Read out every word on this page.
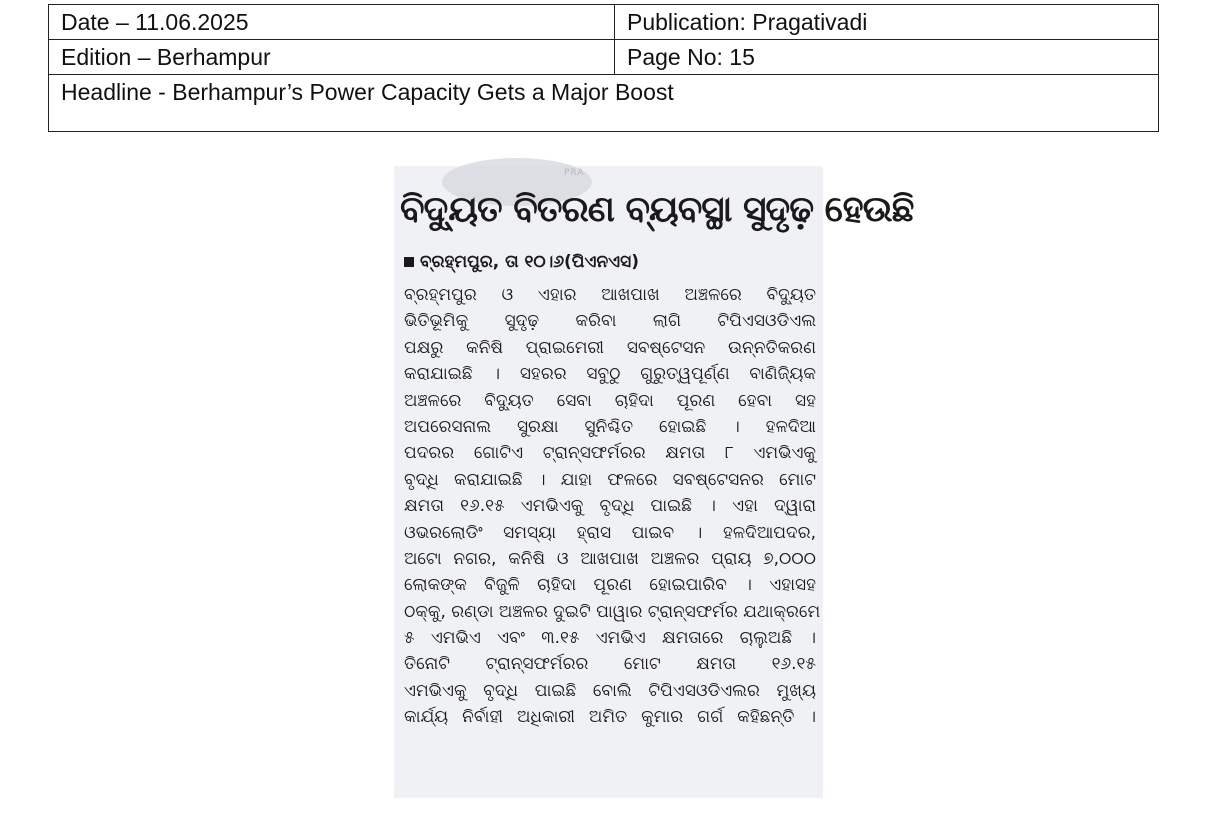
Date – 11.06.2025	Publication: Pragativadi
Edition – Berhampur	Page No: 15
Headline - Berhampur’s Power Capacity Gets a Major Boost	
PRA
ବିଦ୍ୟୁତ ବିତରଣ ବ୍ୟବସ୍ଥା ସୁଦୃଢ଼ ହେଉଛି
ବ୍ରହ୍ମପୁର, ତା ୧୦।୬(ପିଏନଏସ)
ବ୍ରହ୍ମପୁର ଓ ଏହାର ଆଖପାଖ ଅଞ୍ଚଳରେ ବିଦ୍ୟୁତ
ଭିତିଭୂମିକୁ ସୁଦୃଢ଼ କରିବା ଲାଗି ଟିପିଏସଓଡିଏଲ
ପକ୍ଷରୁ କନିଷି ପ୍ରାଇମେରୀ ସବଷ୍ଟେସନ ଉନ୍ନତିକରଣ
କରାଯାଇଛି । ସହରର ସବୁଠୁ ଗୁରୁତ୍ୱପୂର୍ଣ୍ଣ ବାଣିଜ୍ୟିକ
ଅଞ୍ଚଳରେ ବିଦ୍ୟୁତ ସେବା ଚାହିଦା ପୂରଣ ହେବା ସହ
ଅପରେସନାଲ ସୁରକ୍ଷା ସୁନିଶ୍ଚିତ ହୋଇଛି । ହଳଦିଆ
ପଦରର ଗୋଟିଏ ଟ୍ରାନ୍ସଫର୍ମରର କ୍ଷମତା ୮ ଏମଭିଏକୁ
ବୃଦ୍ଧି କରାଯାଇଛି । ଯାହା ଫଳରେ ସବଷ୍ଟେସନର ମୋଟ
କ୍ଷମତା ୧୬.୧୫ ଏମଭିଏକୁ ବୃଦ୍ଧି ପାଇଛି । ଏହା ଦ୍ୱାରା
ଓଭରଲୋଡିଂ ସମସ୍ୟା ହ୍ରାସ ପାଇବ । ହଳଦିଆପଦର,
ଅଟୋ ନଗର, କନିଷି ଓ ଆଖପାଖ ଅଞ୍ଚଳର ପ୍ରାୟ ୭,୦୦୦
ଲୋକଙ୍କ ବିଜୁଳି ଚାହିଦା ପୂରଣ ହୋଇପାରିବ । ଏହାସହ
ଠକ୍କୁ, ରଣ୍ଡା ଅଞ୍ଚଳର ଦୁଇଟି ପାୱାର ଟ୍ରାନ୍ସଫର୍ମର ଯଥାକ୍ରମେ
୫ ଏମଭିଏ ଏବଂ ୩.୧୫ ଏମଭିଏ କ୍ଷମତାରେ ଚାଲୁଅଛି ।
ତିନୋଟି ଟ୍ରାନ୍ସଫର୍ମରର ମୋଟ କ୍ଷମତା ୧୬.୧୫
ଏମଭିଏକୁ ବୃଦ୍ଧି ପାଇଛି ବୋଲି ଟିପିଏସଓଡିଏଲର ମୁଖ୍ୟ
କାର୍ଯ୍ୟ ନିର୍ବାହୀ ଅଧିକାରୀ ଅମିତ କୁମାର ଗର୍ଗ କହିଛନ୍ତି ।
